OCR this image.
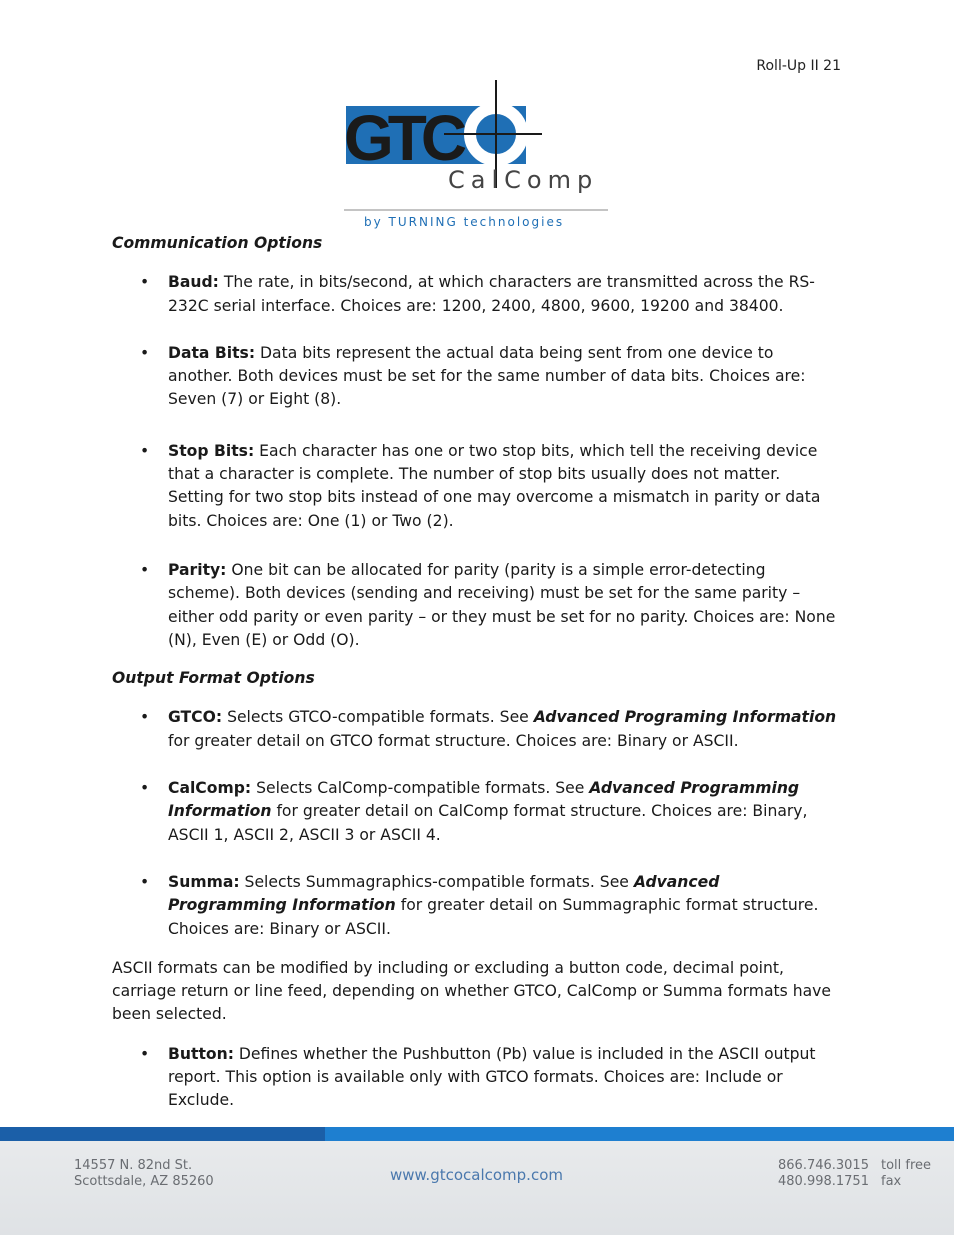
Roll-Up II 21
GTC
CalComp
by TURNING technologies
Communication Options
• Baud: The rate, in bits/second, at which characters are transmitted across the RS-232C serial interface. Choices are: 1200, 2400, 4800, 9600, 19200 and 38400.
• Data Bits: Data bits represent the actual data being sent from one device to another. Both devices must be set for the same number of data bits. Choices are: Seven (7) or Eight (8).
• Stop Bits: Each character has one or two stop bits, which tell the receiving device that a character is complete. The number of stop bits usually does not matter. Setting for two stop bits instead of one may overcome a mismatch in parity or data bits. Choices are: One (1) or Two (2).
• Parity: One bit can be allocated for parity (parity is a simple error-detecting scheme). Both devices (sending and receiving) must be set for the same parity – either odd parity or even parity – or they must be set for no parity. Choices are: None (N), Even (E) or Odd (O).
Output Format Options
• GTCO: Selects GTCO-compatible formats. See Advanced Programing Information for greater detail on GTCO format structure. Choices are: Binary or ASCII.
• CalComp: Selects CalComp-compatible formats. See Advanced Programming Information for greater detail on CalComp format structure. Choices are: Binary, ASCII 1, ASCII 2, ASCII 3 or ASCII 4.
• Summa: Selects Summagraphics-compatible formats. See Advanced Programming Information for greater detail on Summagraphic format structure. Choices are: Binary or ASCII.

ASCII formats can be modified by including or excluding a button code, decimal point, carriage return or line feed, depending on whether GTCO, CalComp or Summa formats have been selected.

• Button: Defines whether the Pushbutton (Pb) value is included in the ASCII output report. This option is available only with GTCO formats. Choices are: Include or Exclude.
14557 N. 82nd St.
Scottsdale, AZ 85260	www.gtcocalcomp.com
866.746.3015
480.998.1751
toll free
fax
